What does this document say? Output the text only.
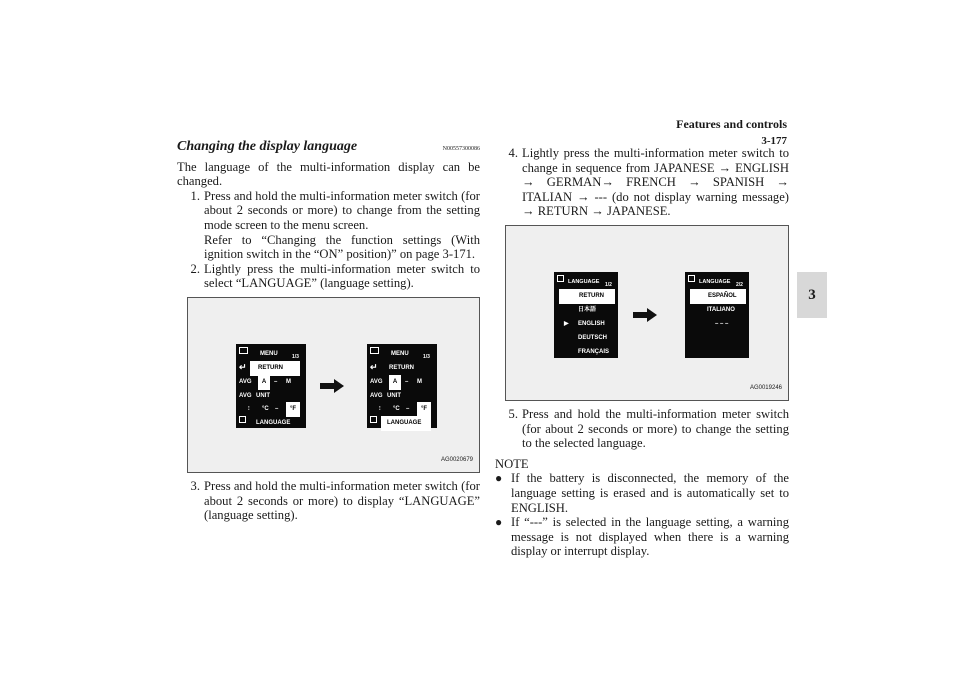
Features and controls
3-177
3
Changing the display language	N00557300086

The language of the multi-information display can be changed.

1. Press and hold the multi-information meter switch (for about 2 seconds or more) to change from the setting mode screen to the menu screen.

Refer to “Changing the function settings (With ignition switch in the “ON” position)” on page 3-171.

2. Lightly press the multi-information meter switch to select “LANGUAGE” (language setting).

MENU	1/3
↵	RETURN
AVG	A	– M
AVG UNIT
⫶ °C –	°F
LANGUAGE
MENU	1/3
↵ RETURN
AVG	A	– M
AVG UNIT
⫶ °C –	°F
LANGUAGE
AG0020679
3. Press and hold the multi-information meter switch (for about 2 seconds or more) to display “LANGUAGE” (language setting).

4. Lightly press the multi-information meter switch to change in sequence from JAPANESE → ENGLISH → GERMAN→ FRENCH → SPANISH → ITALIAN → --- (do not display warning message) → RETURN → JAPANESE.

LANGUAGE 1/2
RETURN
日本語
▶ ENGLISH
DEUTSCH
FRANÇAIS
LANGUAGE 2/2
ESPAÑOL
ITALIANO
– – –
AG0019246
5. Press and hold the multi-information meter switch (for about 2 seconds or more) to change the setting to the selected language.

NOTE
● If the battery is disconnected, the memory of the language setting is erased and is automatically set to ENGLISH.

● If “---” is selected in the language setting, a warning message is not displayed when there is a warning display or interrupt display.
